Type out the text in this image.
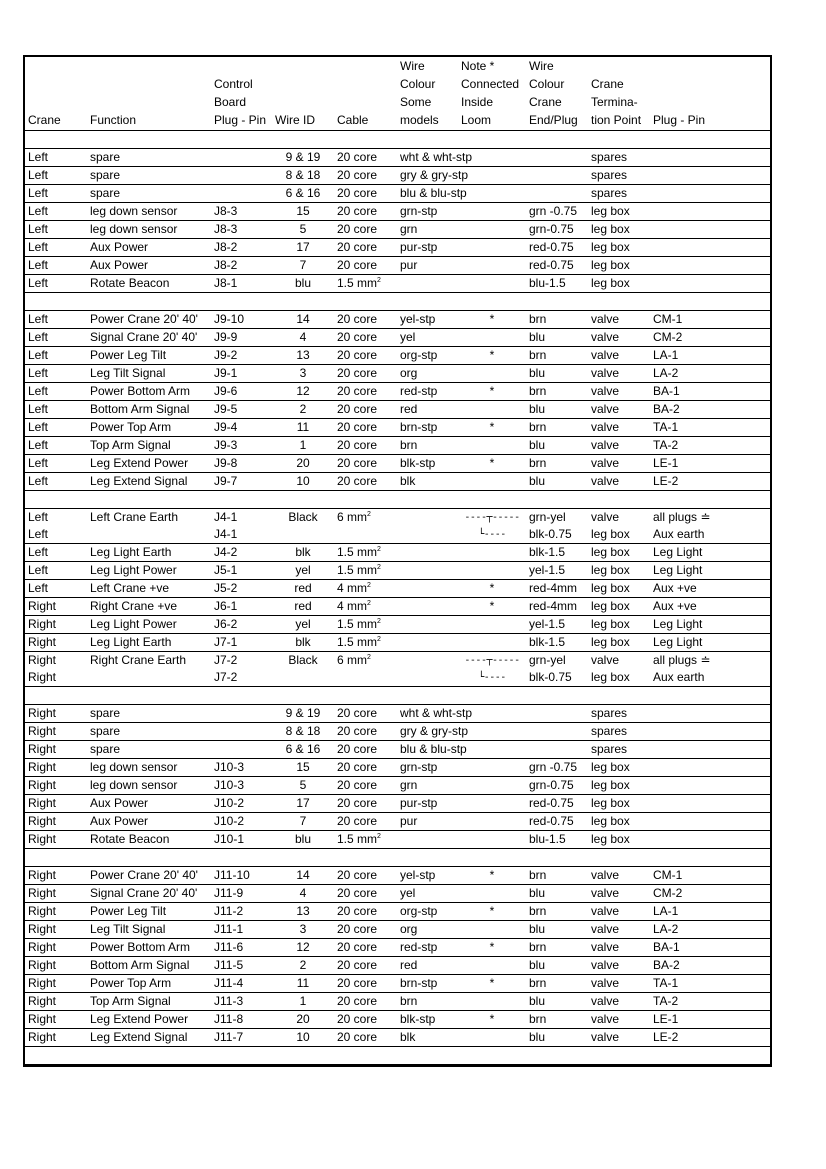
Crane	Function	Control Board Plug - Pin	Wire ID	Cable	Wire Colour Some models	Note * Connected Inside Loom	Wire Colour Crane End/Plug	Crane Termina-tion Point	Plug - Pin

Left	spare		9 & 19	20 core	wht & wht-stp			spares	
Left	spare		8 & 18	20 core	gry & gry-stp			spares	
Left	spare		6 & 16	20 core	blu & blu-stp			spares	
Left	leg down sensor	J8-3	15	20 core	grn-stp		grn -0.75	leg box	
Left	leg down sensor	J8-3	5	20 core	grn		grn-0.75	leg box	
Left	Aux Power	J8-2	17	20 core	pur-stp		red-0.75	leg box	
Left	Aux Power	J8-2	7	20 core	pur		red-0.75	leg box	
Left	Rotate Beacon	J8-1	blu	1.5 $mm^2$			blu-1.5	leg box	

Left	Power Crane 20' 40'	J9-10	14	20 core	yel-stp	*	brn	valve	CM-1
Left	Signal Crane 20' 40'	J9-9	4	20 core	yel		blu	valve	CM-2
Left	Power Leg Tilt	J9-2	13	20 core	org-stp	*	brn	valve	LA-1
Left	Leg Tilt Signal	J9-1	3	20 core	org		blu	valve	LA-2
Left	Power Bottom Arm	J9-6	12	20 core	red-stp	*	brn	valve	BA-1
Left	Bottom Arm Signal	J9-5	2	20 core	red		blu	valve	BA-2
Left	Power Top Arm	J9-4	11	20 core	brn-stp	*	brn	valve	TA-1
Left	Top Arm Signal	J9-3	1	20 core	brn		blu	valve	TA-2
Left	Leg Extend Power	J9-8	20	20 core	blk-stp	*	brn	valve	LE-1
Left	Leg Extend Signal	J9-7	10	20 core	blk		blu	valve	LE-2

Left	Left Crane Earth	J4-1	Black	6 $mm^2$		----┬-----	grn-yel	valve	all plugs ≐
Left		J4-1				└----	blk-0.75	leg box	Aux earth
Left	Leg Light Earth	J4-2	blk	1.5 $mm^2$			blk-1.5	leg box	Leg Light
Left	Leg Light Power	J5-1	yel	1.5 $mm^2$			yel-1.5	leg box	Leg Light
Left	Left Crane +ve	J5-2	red	4 $mm^2$		*	red-4mm	leg box	Aux +ve
Right	Right Crane +ve	J6-1	red	4 $mm^2$		*	red-4mm	leg box	Aux +ve
Right	Leg Light Power	J6-2	yel	1.5 $mm^2$			yel-1.5	leg box	Leg Light
Right	Leg Light Earth	J7-1	blk	1.5 $mm^2$			blk-1.5	leg box	Leg Light
Right	Right Crane Earth	J7-2	Black	6 $mm^2$		----┬-----	grn-yel	valve	all plugs ≐
Right		J7-2				└----	blk-0.75	leg box	Aux earth

Right	spare		9 & 19	20 core	wht & wht-stp			spares	
Right	spare		8 & 18	20 core	gry & gry-stp			spares	
Right	spare		6 & 16	20 core	blu & blu-stp			spares	
Right	leg down sensor	J10-3	15	20 core	grn-stp		grn -0.75	leg box	
Right	leg down sensor	J10-3	5	20 core	grn		grn-0.75	leg box	
Right	Aux Power	J10-2	17	20 core	pur-stp		red-0.75	leg box	
Right	Aux Power	J10-2	7	20 core	pur		red-0.75	leg box	
Right	Rotate Beacon	J10-1	blu	1.5 $mm^2$			blu-1.5	leg box	

Right	Power Crane 20' 40'	J11-10	14	20 core	yel-stp	*	brn	valve	CM-1
Right	Signal Crane 20' 40'	J11-9	4	20 core	yel		blu	valve	CM-2
Right	Power Leg Tilt	J11-2	13	20 core	org-stp	*	brn	valve	LA-1
Right	Leg Tilt Signal	J11-1	3	20 core	org		blu	valve	LA-2
Right	Power Bottom Arm	J11-6	12	20 core	red-stp	*	brn	valve	BA-1
Right	Bottom Arm Signal	J11-5	2	20 core	red		blu	valve	BA-2
Right	Power Top Arm	J11-4	11	20 core	brn-stp	*	brn	valve	TA-1
Right	Top Arm Signal	J11-3	1	20 core	brn		blu	valve	TA-2
Right	Leg Extend Power	J11-8	20	20 core	blk-stp	*	brn	valve	LE-1
Right	Leg Extend Signal	J11-7	10	20 core	blk		blu	valve	LE-2
